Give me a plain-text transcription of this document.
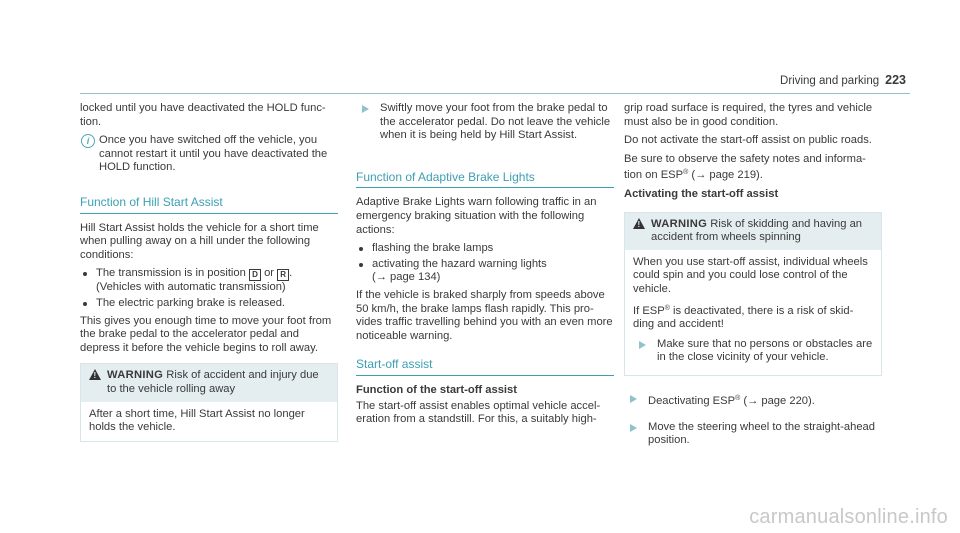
Driving and parking 223

locked until you have deactivated the HOLD func-tion.

i Once you have switched off the vehicle, you cannot restart it until you have deactivated the HOLD function.
Function of Hill Start Assist

Hill Start Assist holds the vehicle for a short time when pulling away on a hill under the following conditions:

The transmission is in position D or R .
(Vehicles with automatic transmission)
The electric parking brake is released.

This gives you enough time to move your foot from the brake pedal to the accelerator pedal and depress it before the vehicle begins to roll away.

! WARNING Risk of accident and injury due to the vehicle rolling away
After a short time, Hill Start Assist no longer holds the vehicle.
Swiftly move your foot from the brake pedal to the accelerator pedal. Do not leave the vehicle when it is being held by Hill Start Assist.
Function of Adaptive Brake Lights

Adaptive Brake Lights warn following traffic in an emergency braking situation with the following actions:

flashing the brake lamps
activating the hazard warning lights
(→ page 134)

If the vehicle is braked sharply from speeds above 50 km/h, the brake lamps flash rapidly. This pro-vides traffic travelling behind you with an even more noticeable warning.

Start-off assist
Function of the start-off assist

The start-off assist enables optimal vehicle accel-eration from a standstill. For this, a suitably high-

grip road surface is required, the tyres and vehicle must also be in good condition.

Do not activate the start-off assist on public roads.

Be sure to observe the safety notes and informa-tion on ESP® (→ page 219).

Activating the start-off assist
! WARNING Risk of skidding and having an accident from wheels spinning

When you use start-off assist, individual wheels could spin and you could lose control of the vehicle.

If ESP® is deactivated, there is a risk of skid-ding and accident!

Make sure that no persons or obstacles are in the close vicinity of your vehicle.
Deactivating ESP® (→ page 220).
Move the steering wheel to the straight-ahead position.
carmanualsonline.info
